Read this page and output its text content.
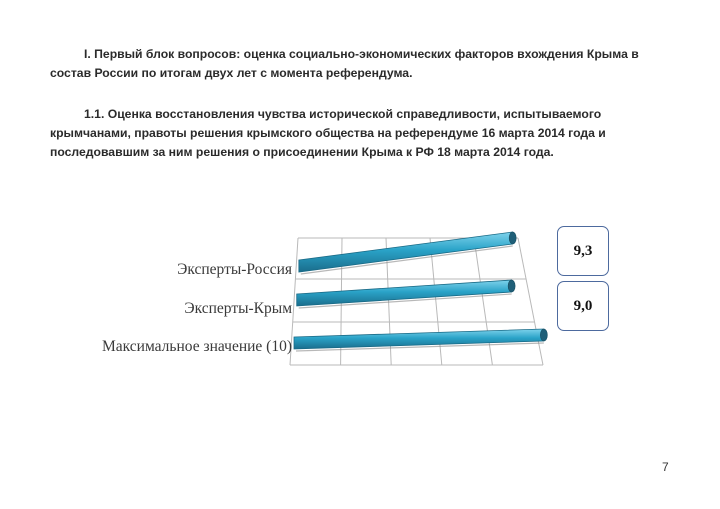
I. Первый блок вопросов: оценка социально-экономических факторов вхождения Крыма в состав России по итогам двух лет с момента референдума.

1.1. Оценка восстановления чувства исторической справедливости, испытываемого крымчанами, правоты решения крымского общества на референдуме 16 марта 2014 года и последовавшим за ним решения о присоединении Крыма к РФ 18 марта 2014 года.

Эксперты-Россия
Эксперты-Крым
Максимальное значение (10)
9,3
9,0
7
